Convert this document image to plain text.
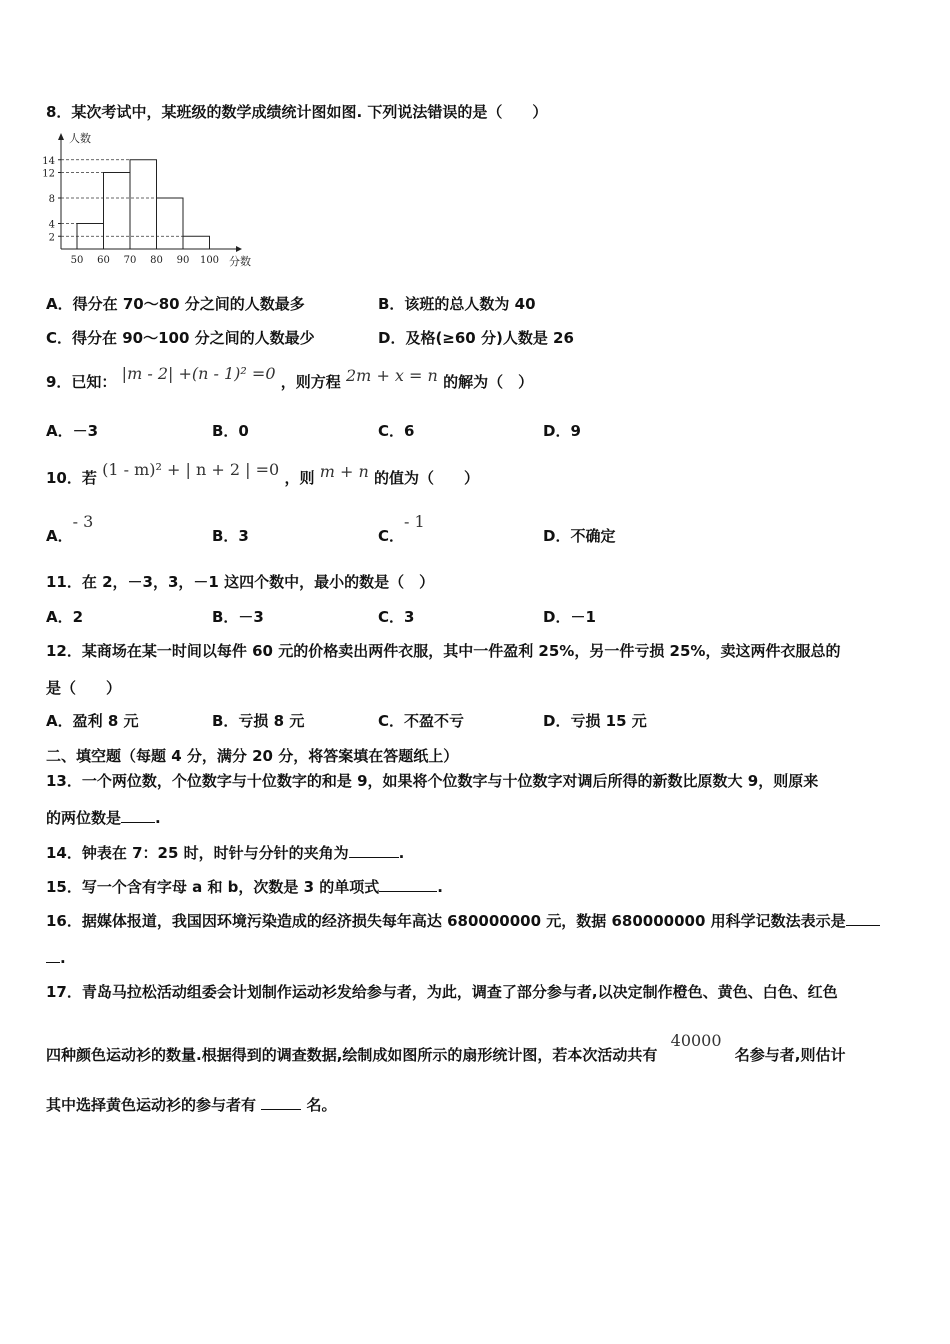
8．某次考试中，某班级的数学成绩统计图如图. 下列说法错误的是（　　）
2
4
8
12
14
50 60 70 80 90 100
人数
分数
A．得分在 70～80 分之间的人数最多	B．该班的总人数为 40
C．得分在 90～100 分之间的人数最少	D．及格(≥60 分)人数是 26
9．已知： |m - 2| +(n - 1)² =0 ，则方程 2m + x = n 的解为（　）
A．－3	B．0	C．6	D．9
10．若 (1 - m)² + | n + 2 | =0 ，则 m + n 的值为（　　）
A．- 3
B．3	C．- 1
D．不确定
11．在 2，－3，3，－1 这四个数中，最小的数是（　）
A．2	B．－3	C．3	D．－1
12．某商场在某一时间以每件 60 元的价格卖出两件衣服，其中一件盈利 25%，另一件亏损 25%，卖这两件衣服总的
是（　　）
A．盈利 8 元	B．亏损 8 元	C．不盈不亏	D．亏损 15 元
二、填空题（每题 4 分，满分 20 分，将答案填在答题纸上）
13．一个两位数，个位数字与十位数字的和是 9，如果将个位数字与十位数字对调后所得的新数比原数大 9，则原来
的两位数是 .
14．钟表在 7：25 时，时针与分针的夹角为	.
15．写一个含有字母 a 和 b，次数是 3 的单项式	.
16．据媒体报道，我国因环境污染造成的经济损失每年高达 680000000 元，数据 680000000 用科学记数法表示是
.
17．青岛马拉松活动组委会计划制作运动衫发给参与者，为此，调查了部分参与者,以决定制作橙色、黄色、白色、红色
四种颜色运动衫的数量.根据得到的调查数据,绘制成如图所示的扇形统计图，若本次活动共有 40000 名参与者,则估计
其中选择黄色运动衫的参与者有	名。
